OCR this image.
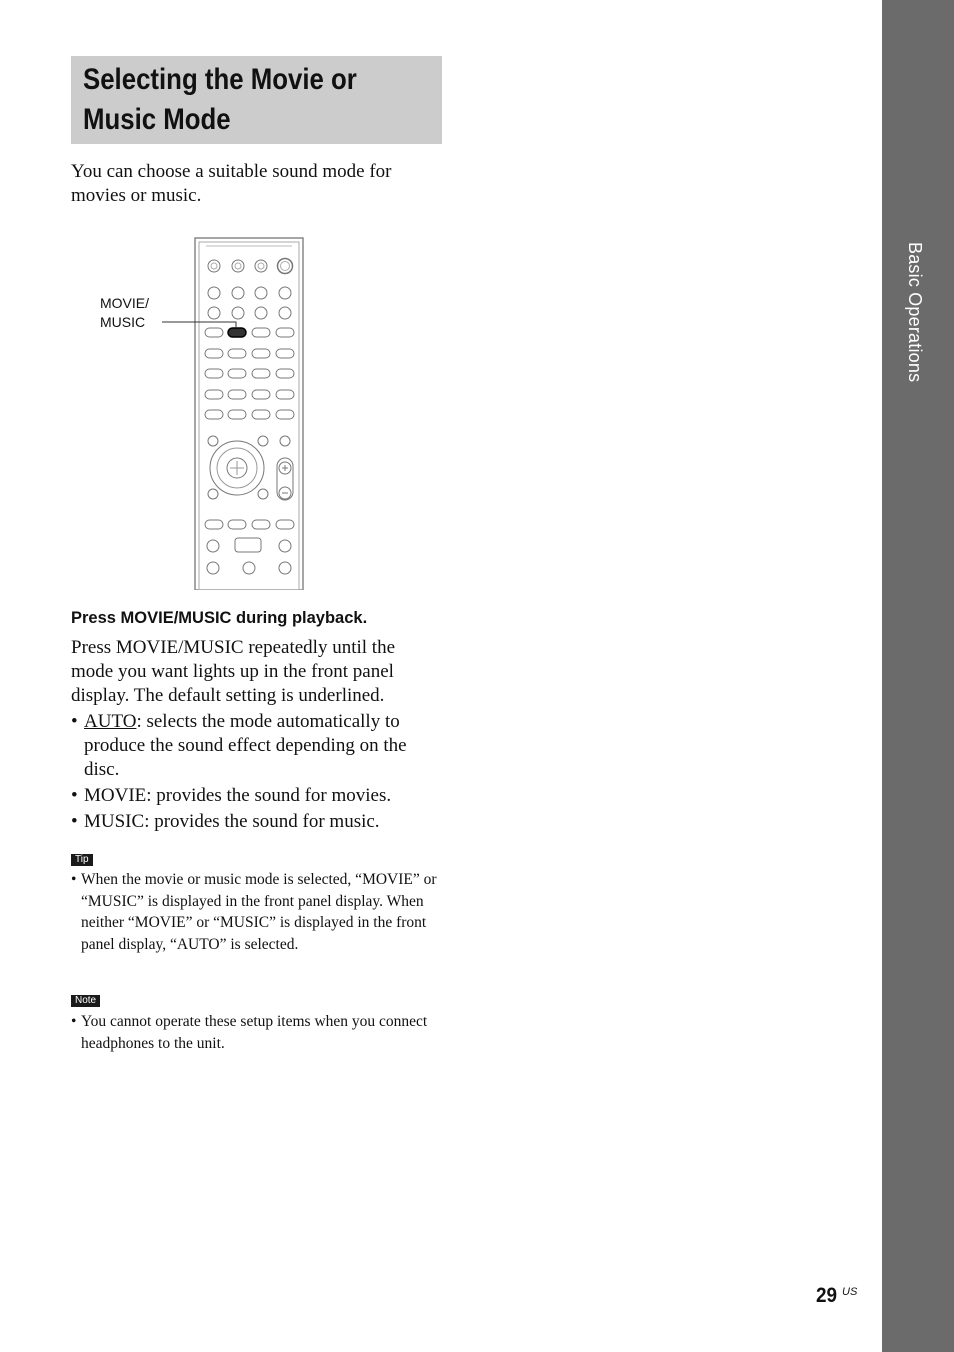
Basic Operations

Selecting the Movie or

Music Mode

You can choose a suitable sound mode for movies or music.

MOVIE/
MUSIC

Press MOVIE/MUSIC during playback.

Press MOVIE/MUSIC repeatedly until the mode you want lights up in the front panel display. The default setting is underlined.

• AUTO: selects the mode automatically to produce the sound effect depending on the disc.
• MOVIE: provides the sound for movies.
• MUSIC: provides the sound for music.
Tip
• When the movie or music mode is selected, “MOVIE” or “MUSIC” is displayed in the front panel display. When neither “MOVIE” or “MUSIC” is displayed in the front panel display, “AUTO” is selected.
Note
• You cannot operate these setup items when you connect headphones to the unit.
29 US
